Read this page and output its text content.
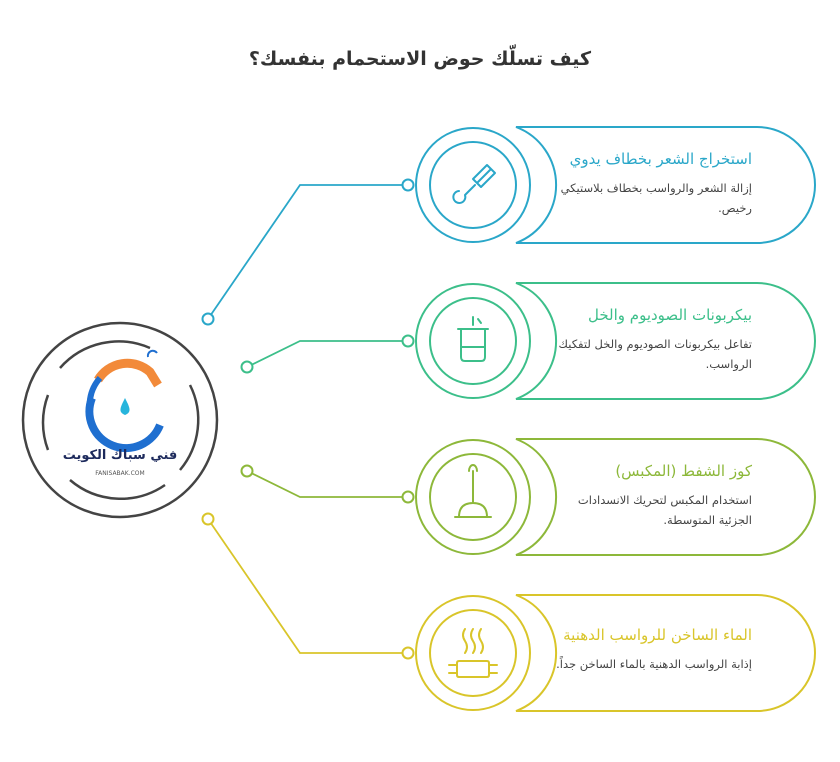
كيف تسلّك حوض الاستحمام بنفسك؟
فني سباك الكويت
FANISABAK.COM
استخراج الشعر بخطاف يدوي
إزالة الشعر والرواسب بخطاف بلاستيكي رخيص.
بيكربونات الصوديوم والخل
تفاعل بيكربونات الصوديوم والخل لتفكيك الرواسب.
كوز الشفط (المكبس)
استخدام المكبس لتحريك الانسدادات الجزئية المتوسطة.
الماء الساخن للرواسب الدهنية
إذابة الرواسب الدهنية بالماء الساخن جداً.
